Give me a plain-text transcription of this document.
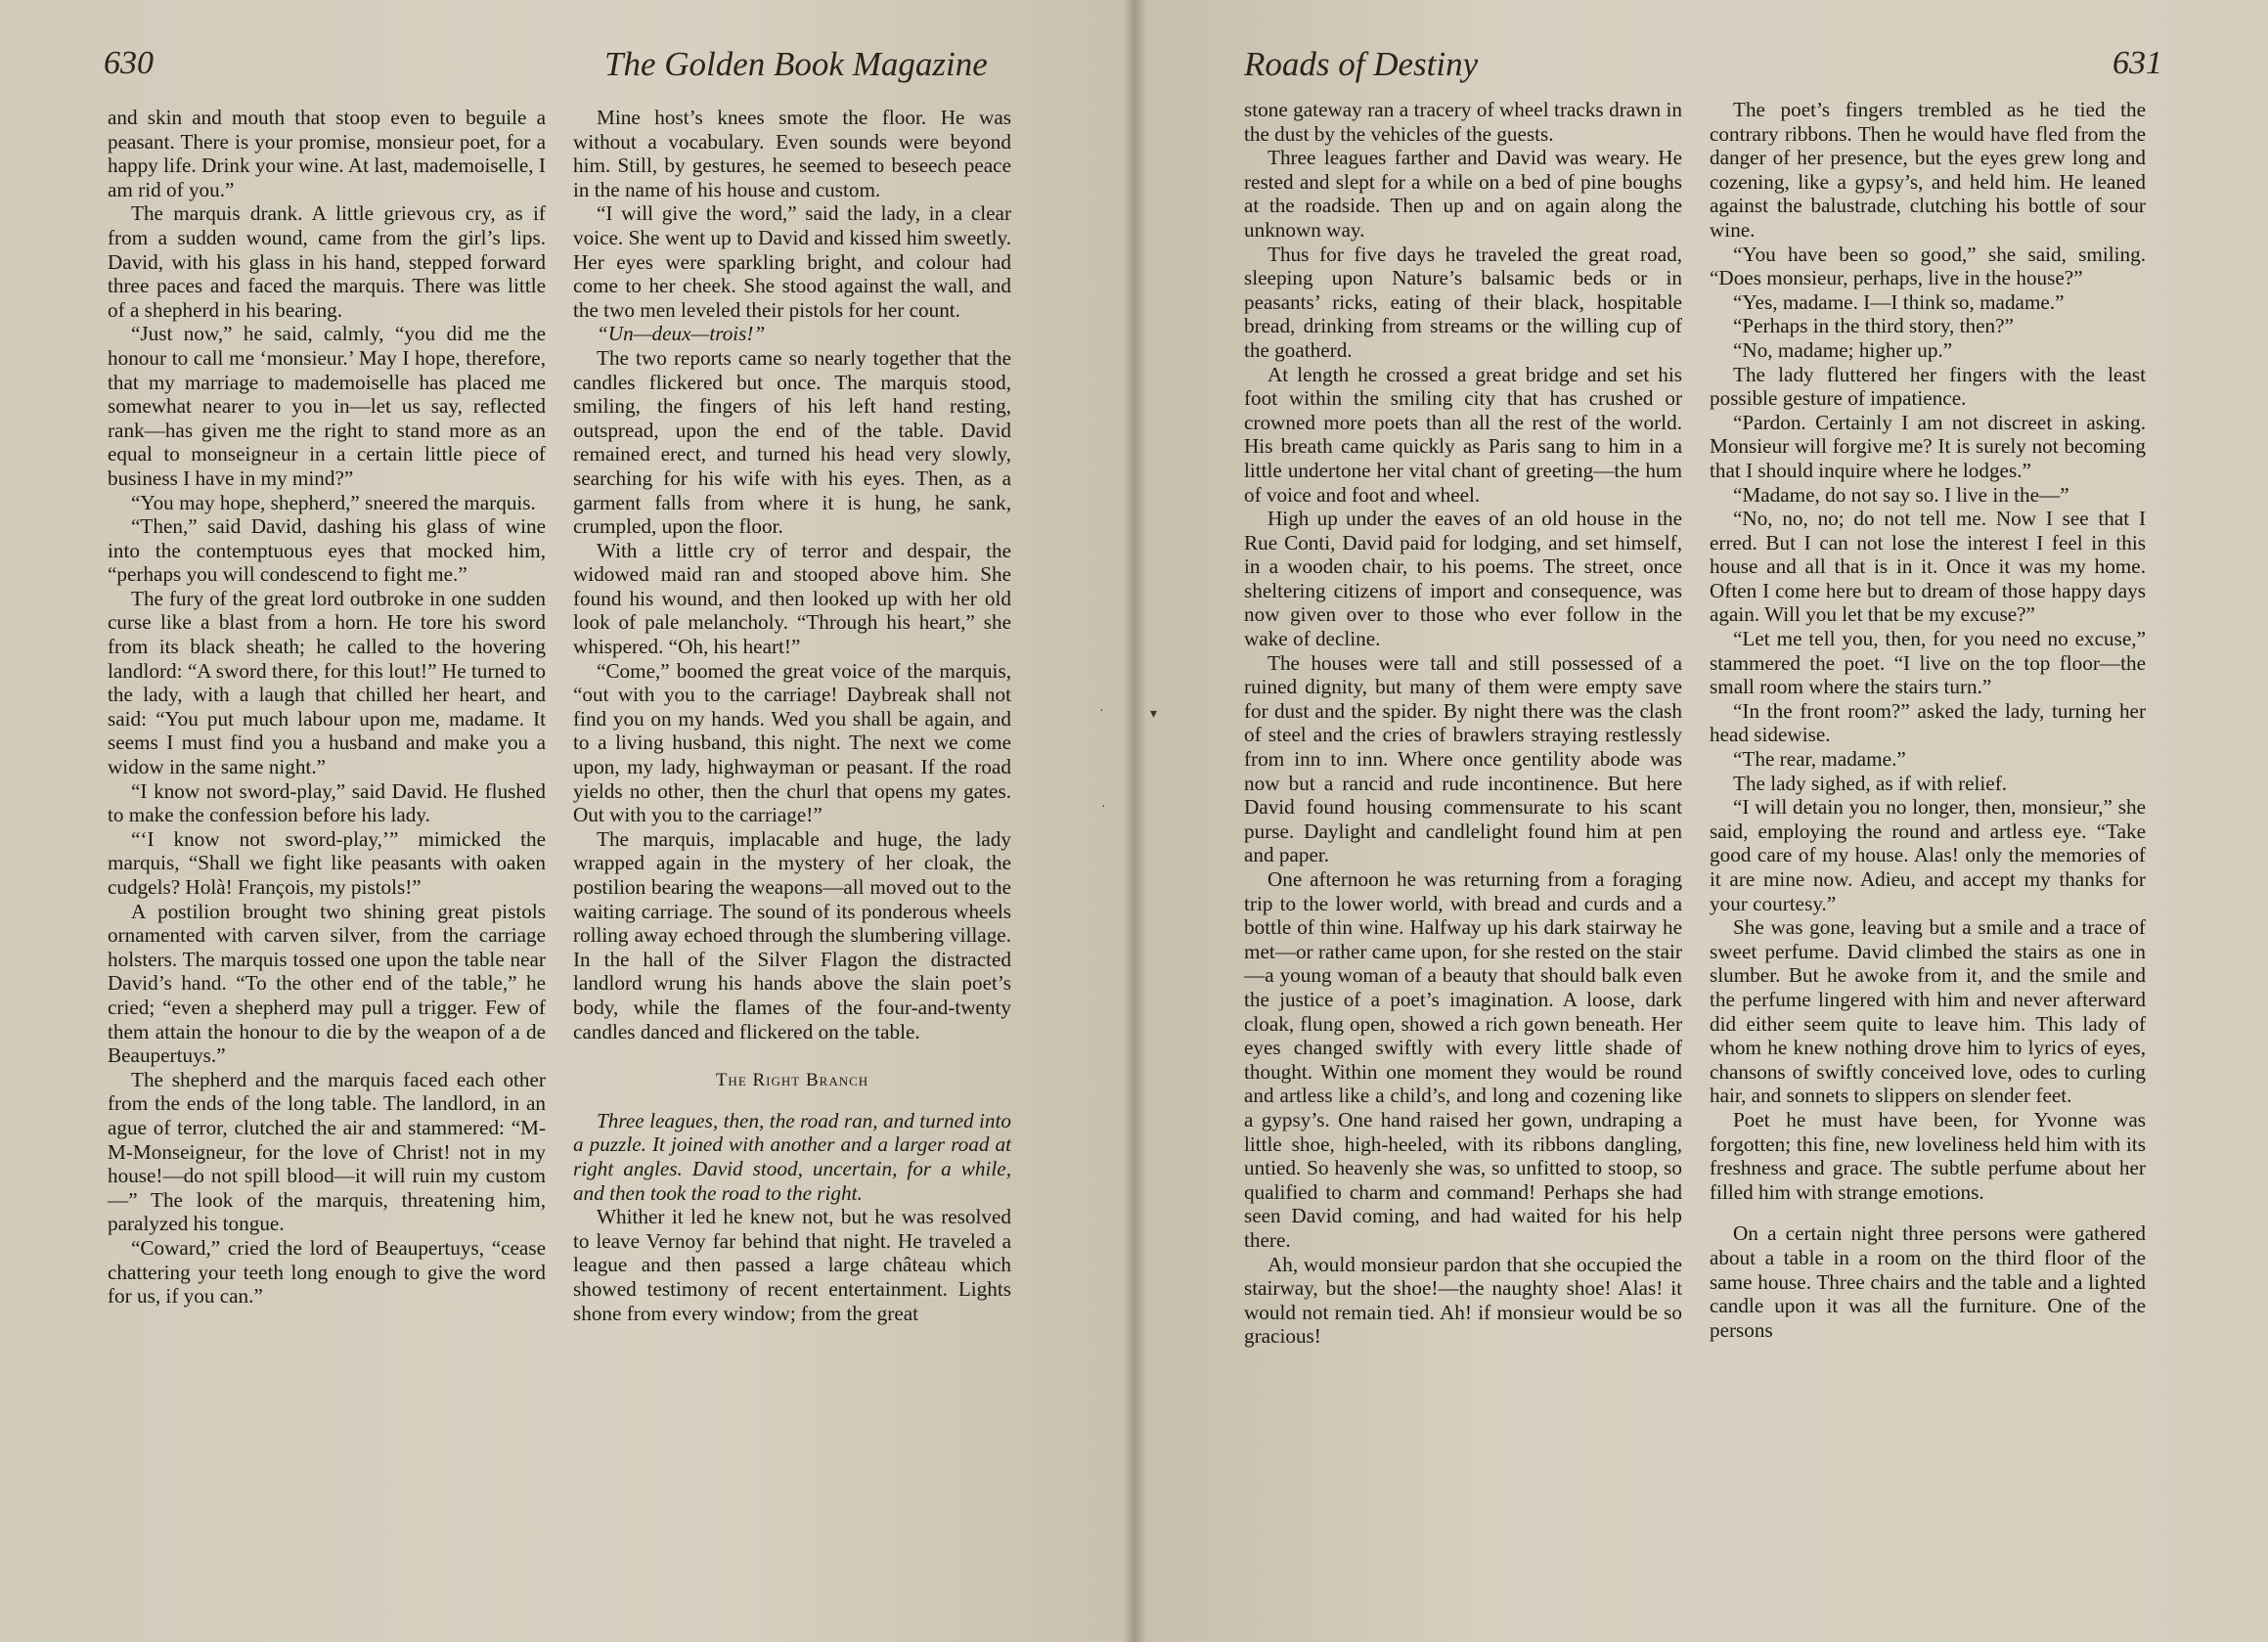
630	The Golden Book Magazine

and skin and mouth that stoop even to beguile a peasant. There is your promise, monsieur poet, for a happy life. Drink your wine. At last, mademoiselle, I am rid of you.”

The marquis drank. A little grievous cry, as if from a sudden wound, came from the girl’s lips. David, with his glass in his hand, stepped forward three paces and faced the marquis. There was little of a shepherd in his bearing.

“Just now,” he said, calmly, “you did me the honour to call me ‘monsieur.’ May I hope, therefore, that my marriage to mademoiselle has placed me somewhat nearer to you in—let us say, reflected rank—has given me the right to stand more as an equal to monseigneur in a certain little piece of business I have in my mind?”

“You may hope, shepherd,” sneered the marquis.

“Then,” said David, dashing his glass of wine into the contemptuous eyes that mocked him, “perhaps you will condescend to fight me.”

The fury of the great lord outbroke in one sudden curse like a blast from a horn. He tore his sword from its black sheath; he called to the hovering landlord: “A sword there, for this lout!” He turned to the lady, with a laugh that chilled her heart, and said: “You put much labour upon me, madame. It seems I must find you a husband and make you a widow in the same night.”

“I know not sword-play,” said David. He flushed to make the confession before his lady.

“‘I know not sword-play,’” mimicked the marquis, “Shall we fight like peasants with oaken cudgels? Holà! François, my pistols!”

A postilion brought two shining great pistols ornamented with carven silver, from the carriage holsters. The marquis tossed one upon the table near David’s hand. “To the other end of the table,” he cried; “even a shepherd may pull a trigger. Few of them attain the honour to die by the weapon of a de Beaupertuys.”

The shepherd and the marquis faced each other from the ends of the long table. The landlord, in an ague of terror, clutched the air and stammered: “M-M-Monseigneur, for the love of Christ! not in my house!—do not spill blood—it will ruin my custom—” The look of the marquis, threatening him, paralyzed his tongue.

“Coward,” cried the lord of Beaupertuys, “cease chattering your teeth long enough to give the word for us, if you can.”

Mine host’s knees smote the floor. He was without a vocabulary. Even sounds were beyond him. Still, by gestures, he seemed to beseech peace in the name of his house and custom.

“I will give the word,” said the lady, in a clear voice. She went up to David and kissed him sweetly. Her eyes were sparkling bright, and colour had come to her cheek. She stood against the wall, and the two men leveled their pistols for her count.

“Un—deux—trois!”

The two reports came so nearly together that the candles flickered but once. The marquis stood, smiling, the fingers of his left hand resting, outspread, upon the end of the table. David remained erect, and turned his head very slowly, searching for his wife with his eyes. Then, as a garment falls from where it is hung, he sank, crumpled, upon the floor.

With a little cry of terror and despair, the widowed maid ran and stooped above him. She found his wound, and then looked up with her old look of pale melancholy. “Through his heart,” she whispered. “Oh, his heart!”

“Come,” boomed the great voice of the marquis, “out with you to the carriage! Daybreak shall not find you on my hands. Wed you shall be again, and to a living husband, this night. The next we come upon, my lady, highwayman or peasant. If the road yields no other, then the churl that opens my gates. Out with you to the carriage!”

The marquis, implacable and huge, the lady wrapped again in the mystery of her cloak, the postilion bearing the weapons—all moved out to the waiting carriage. The sound of its ponderous wheels rolling away echoed through the slumbering village. In the hall of the Silver Flagon the distracted landlord wrung his hands above the slain poet’s body, while the flames of the four-and-twenty candles danced and flickered on the table.

The Right Branch

Three leagues, then, the road ran, and turned into a puzzle. It joined with another and a larger road at right angles. David stood, uncertain, for a while, and then took the road to the right.

Whither it led he knew not, but he was resolved to leave Vernoy far behind that night. He traveled a league and then passed a large château which showed testimony of recent entertainment. Lights shone from every window; from the great

Roads of Destiny	631

stone gateway ran a tracery of wheel tracks drawn in the dust by the vehicles of the guests.

Three leagues farther and David was weary. He rested and slept for a while on a bed of pine boughs at the roadside. Then up and on again along the unknown way.

Thus for five days he traveled the great road, sleeping upon Nature’s balsamic beds or in peasants’ ricks, eating of their black, hospitable bread, drinking from streams or the willing cup of the goatherd.

At length he crossed a great bridge and set his foot within the smiling city that has crushed or crowned more poets than all the rest of the world. His breath came quickly as Paris sang to him in a little undertone her vital chant of greeting—the hum of voice and foot and wheel.

High up under the eaves of an old house in the Rue Conti, David paid for lodging, and set himself, in a wooden chair, to his poems. The street, once sheltering citizens of import and consequence, was now given over to those who ever follow in the wake of decline.

The houses were tall and still possessed of a ruined dignity, but many of them were empty save for dust and the spider. By night there was the clash of steel and the cries of brawlers straying restlessly from inn to inn. Where once gentility abode was now but a rancid and rude incontinence. But here David found housing commensurate to his scant purse. Daylight and candlelight found him at pen and paper.

One afternoon he was returning from a foraging trip to the lower world, with bread and curds and a bottle of thin wine. Halfway up his dark stairway he met—or rather came upon, for she rested on the stair—a young woman of a beauty that should balk even the justice of a poet’s imagination. A loose, dark cloak, flung open, showed a rich gown beneath. Her eyes changed swiftly with every little shade of thought. Within one moment they would be round and artless like a child’s, and long and cozening like a gypsy’s. One hand raised her gown, undraping a little shoe, high-heeled, with its ribbons dangling, untied. So heavenly she was, so unfitted to stoop, so qualified to charm and command! Perhaps she had seen David coming, and had waited for his help there.

Ah, would monsieur pardon that she occupied the stairway, but the shoe!—the naughty shoe! Alas! it would not remain tied. Ah! if monsieur would be so gracious!

The poet’s fingers trembled as he tied the contrary ribbons. Then he would have fled from the danger of her presence, but the eyes grew long and cozening, like a gypsy’s, and held him. He leaned against the balustrade, clutching his bottle of sour wine.

“You have been so good,” she said, smiling. “Does monsieur, perhaps, live in the house?”

“Yes, madame. I—I think so, madame.”

“Perhaps in the third story, then?”

“No, madame; higher up.”

The lady fluttered her fingers with the least possible gesture of impatience.

“Pardon. Certainly I am not discreet in asking. Monsieur will forgive me? It is surely not becoming that I should inquire where he lodges.”

“Madame, do not say so. I live in the—”

“No, no, no; do not tell me. Now I see that I erred. But I can not lose the interest I feel in this house and all that is in it. Once it was my home. Often I come here but to dream of those happy days again. Will you let that be my excuse?”

“Let me tell you, then, for you need no excuse,” stammered the poet. “I live on the top floor—the small room where the stairs turn.”

“In the front room?” asked the lady, turning her head sidewise.

“The rear, madame.”

The lady sighed, as if with relief.

“I will detain you no longer, then, monsieur,” she said, employing the round and artless eye. “Take good care of my house. Alas! only the memories of it are mine now. Adieu, and accept my thanks for your courtesy.”

She was gone, leaving but a smile and a trace of sweet perfume. David climbed the stairs as one in slumber. But he awoke from it, and the smile and the perfume lingered with him and never afterward did either seem quite to leave him. This lady of whom he knew nothing drove him to lyrics of eyes, chansons of swiftly conceived love, odes to curling hair, and sonnets to slippers on slender feet.

Poet he must have been, for Yvonne was forgotten; this fine, new loveliness held him with its freshness and grace. The subtle perfume about her filled him with strange emotions.

On a certain night three persons were gathered about a table in a room on the third floor of the same house. Three chairs and the table and a lighted candle upon it was all the furniture. One of the persons

·	▾
·
